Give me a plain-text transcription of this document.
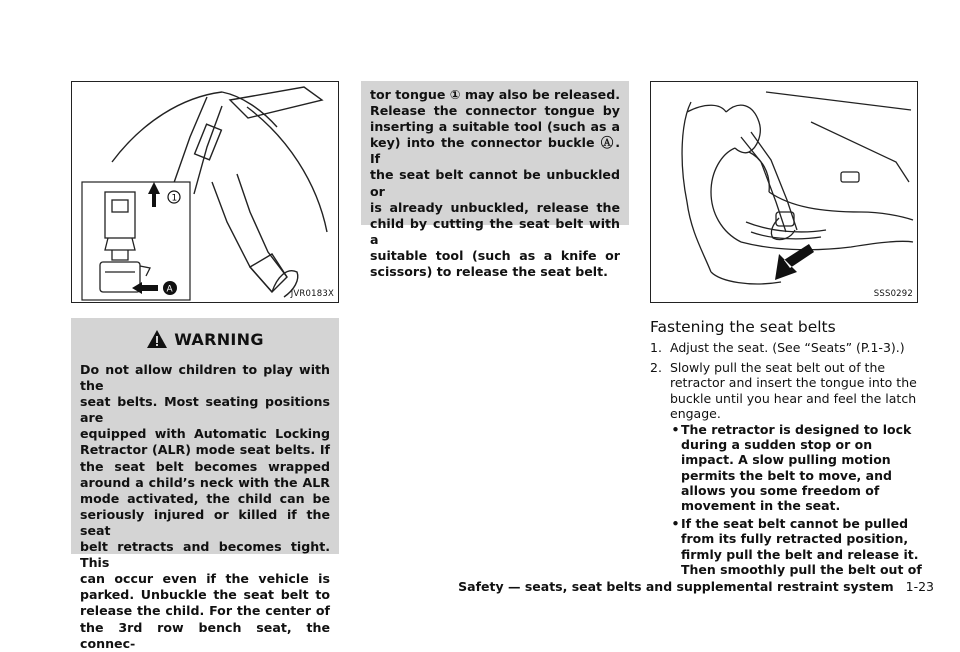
1
A	JVR0183X
WARNING
Do not allow children to play with the
seat belts. Most seating positions are
equipped with Automatic Locking
Retractor (ALR) mode seat belts. If
the seat belt becomes wrapped
around a child’s neck with the ALR
mode activated, the child can be
seriously injured or killed if the seat
belt retracts and becomes tight. This
can occur even if the vehicle is
parked. Unbuckle the seat belt to
release the child. For the center of
the 3rd row bench seat, the connec-
tor tongue ① may also be released.
Release the connector tongue by
inserting a suitable tool (such as a
key) into the connector buckle Ⓐ. If
the seat belt cannot be unbuckled or
is already unbuckled, release the
child by cutting the seat belt with a
suitable tool (such as a knife or
scissors) to release the seat belt.
SSS0292
Fastening the seat belts
1. Adjust the seat. (See “Seats” (P.1-3).)
2. Slowly pull the seat belt out of the retractor and insert the tongue into the buckle until you hear and feel the latch engage.
• The retractor is designed to lock during a sudden stop or on impact. A slow pulling motion permits the belt to move, and allows you some freedom of movement in the seat.
• If the seat belt cannot be pulled from its fully retracted position, firmly pull the belt and release it. Then smoothly pull the belt out of
Safety — seats, seat belts and supplemental restraint system 1-23
